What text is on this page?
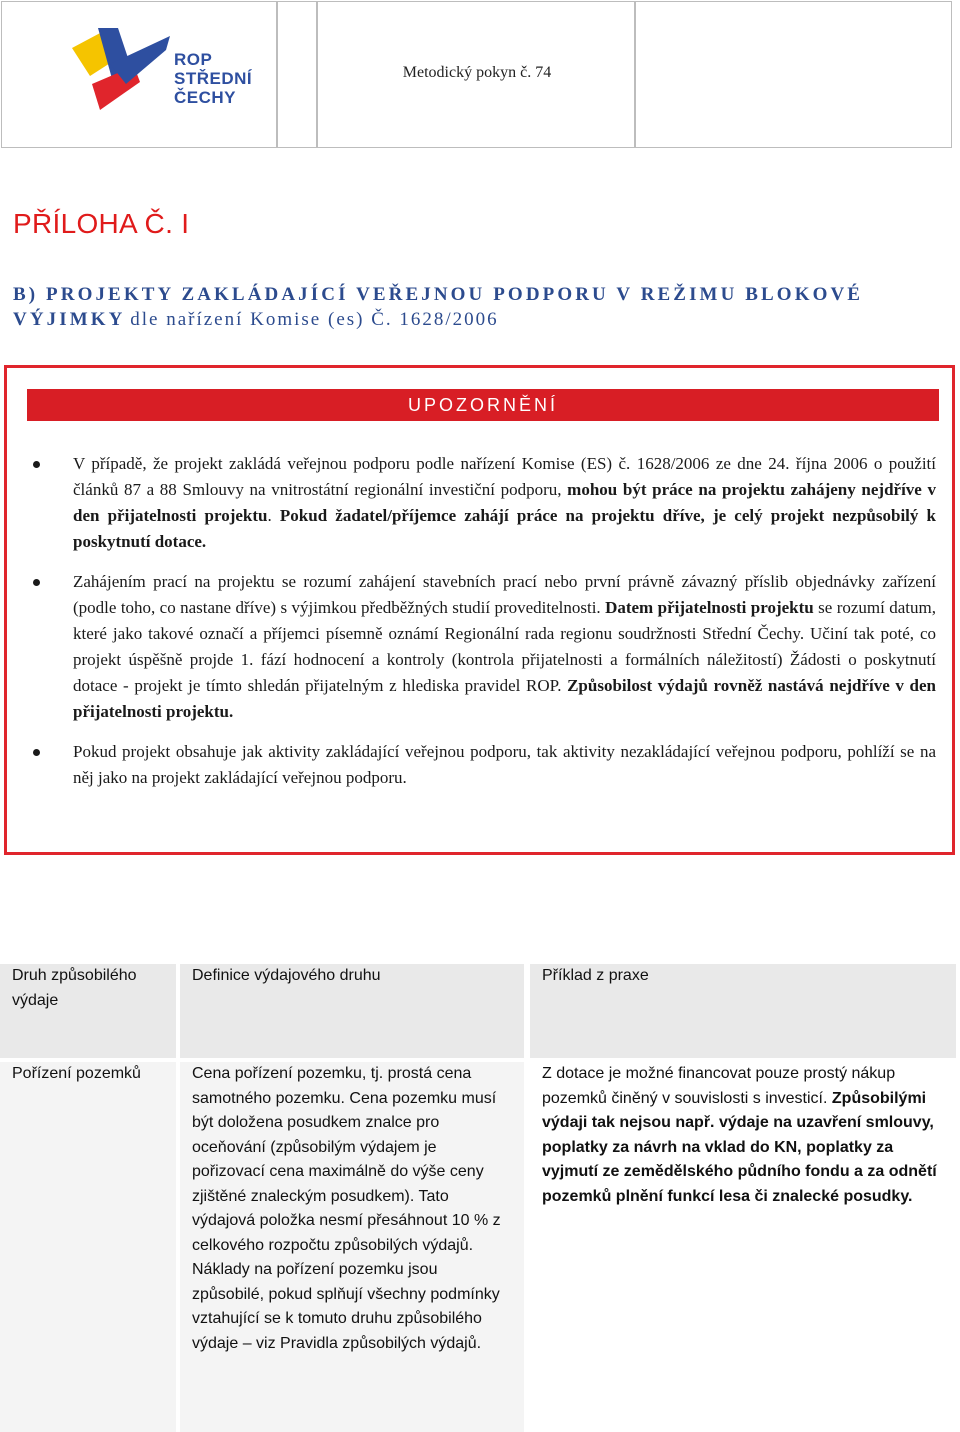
ROP
STŘEDNÍ
ČECHY
Metodický pokyn č. 74
PŘÍLOHA Č. I
B) PROJEKTY ZAKLÁDAJÍCÍ VEŘEJNOU PODPORU V REŽIMU BLOKOVÉ
VÝJIMKY dle nařízení Komise (es) Č. 1628/2006
UPOZORNĚNÍ
V případě, že projekt zakládá veřejnou podporu podle nařízení Komise (ES) č. 1628/2006 ze dne 24. října 2006 o použití článků 87 a 88 Smlouvy na vnitrostátní regionální investiční podporu, mohou být práce na projektu zahájeny nejdříve v den přijatelnosti projektu. Pokud žadatel/příjemce zahájí práce na projektu dříve, je celý projekt nezpůsobilý k poskytnutí dotace.
Zahájením prací na projektu se rozumí zahájení stavebních prací nebo první právně závazný příslib objednávky zařízení (podle toho, co nastane dříve) s výjimkou předběžných studií proveditelnosti. Datem přijatelnosti projektu se rozumí datum, které jako takové označí a příjemci písemně oznámí Regionální rada regionu soudržnosti Střední Čechy. Učiní tak poté, co projekt úspěšně projde 1. fází hodnocení a kontroly (kontrola přijatelnosti a formálních náležitostí) Žádosti o poskytnutí dotace - projekt je tímto shledán přijatelným z hlediska pravidel ROP. Způsobilost výdajů rovněž nastává nejdříve v den přijatelnosti projektu.
Pokud projekt obsahuje jak aktivity zakládající veřejnou podporu, tak aktivity nezakládající veřejnou podporu, pohlíží se na něj jako na projekt zakládající veřejnou podporu.
Druh způsobilého výdaje
Definice výdajového druhu	Příklad z praxe
Pořízení pozemků	Cena pořízení pozemku, tj. prostá cena samotného pozemku. Cena pozemku musí být doložena posudkem znalce pro oceňování (způsobilým výdajem je pořizovací cena maximálně do výše ceny zjištěné znaleckým posudkem). Tato výdajová položka nesmí přesáhnout 10 % z celkového rozpočtu způsobilých výdajů. Náklady na pořízení pozemku jsou způsobilé, pokud splňují všechny podmínky vztahující se k tomuto druhu způsobilého výdaje – viz Pravidla způsobilých výdajů.
Z dotace je možné financovat pouze prostý nákup pozemků činěný v souvislosti s investicí. Způsobilými výdaji tak nejsou např. výdaje na uzavření smlouvy, poplatky za návrh na vklad do KN, poplatky za vyjmutí ze zemědělského půdního fondu a za odnětí pozemků plnění funkcí lesa či znalecké posudky.
